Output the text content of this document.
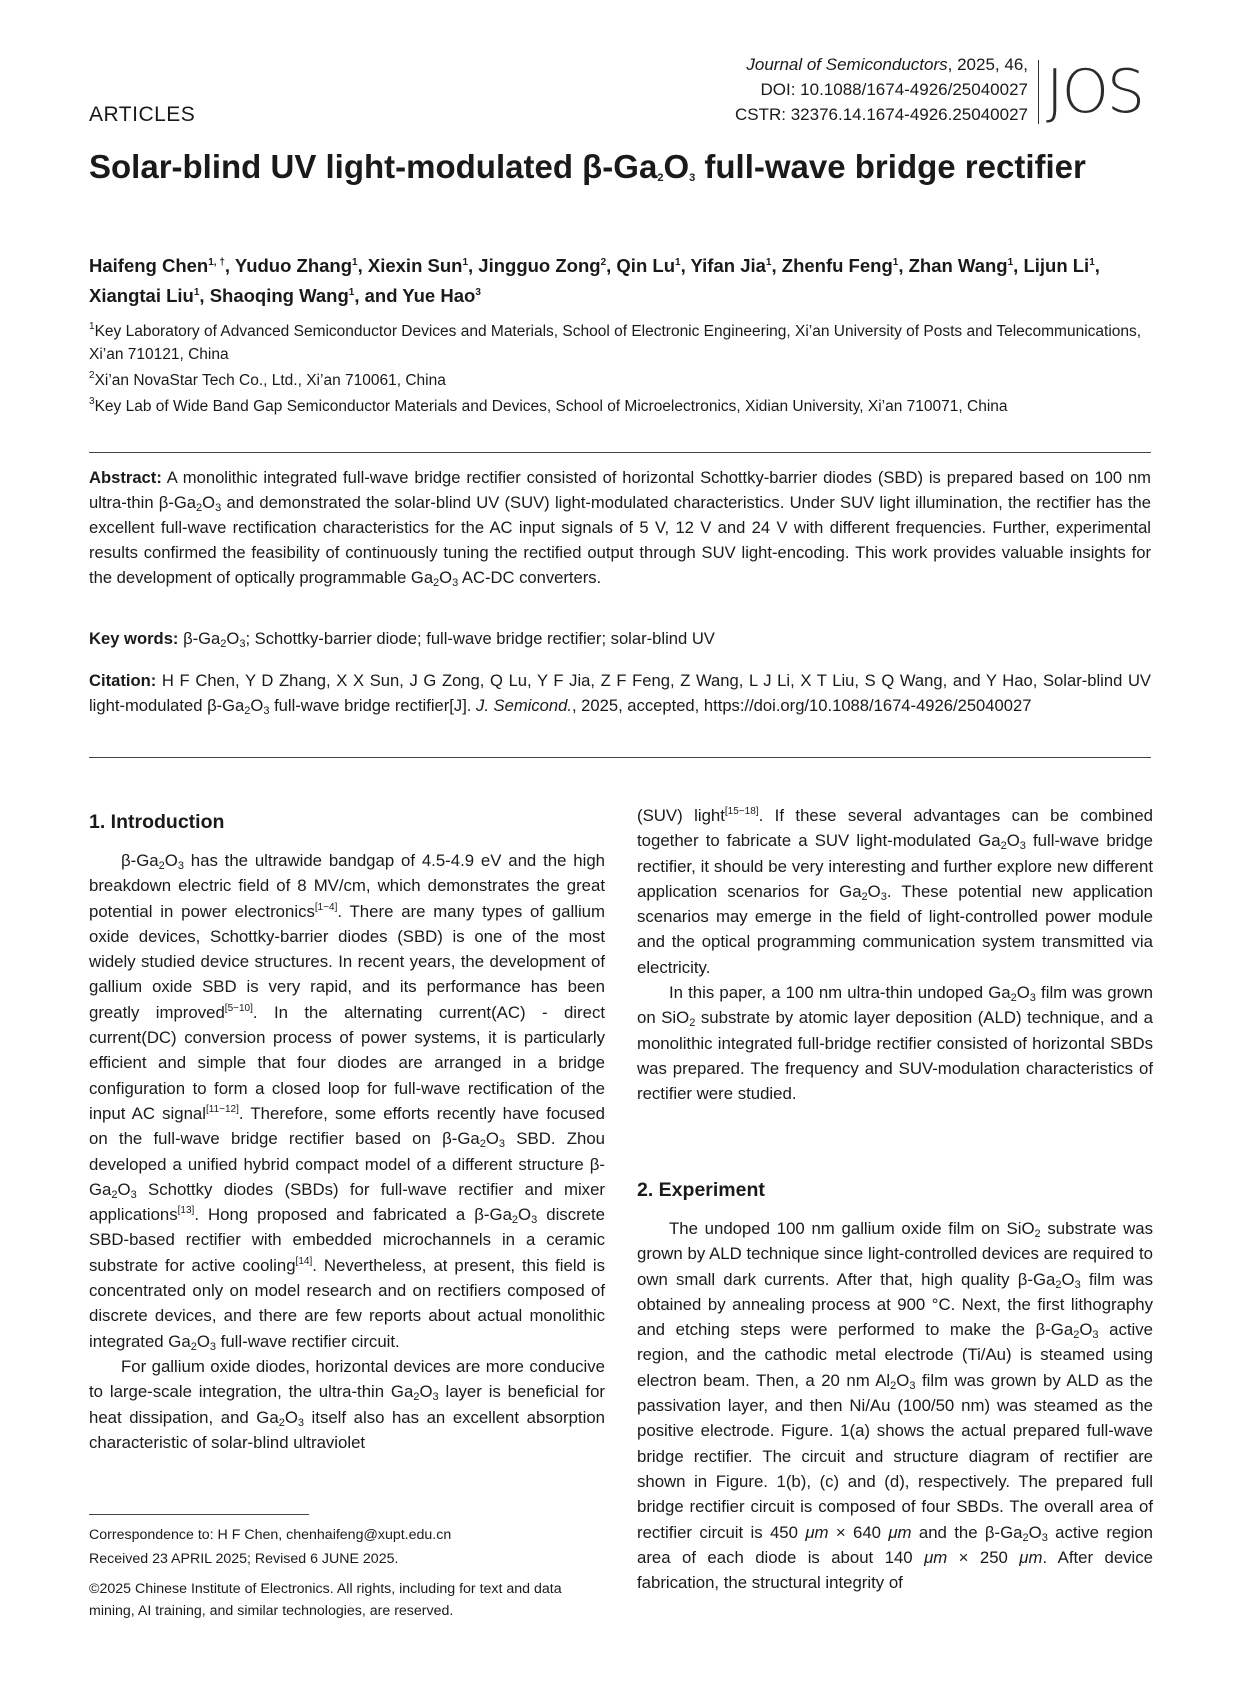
Journal of Semiconductors, 2025, 46,
DOI: 10.1088/1674-4926/25040027
CSTR: 32376.14.1674-4926.25040027 JOS
ARTICLES
Solar-blind UV light-modulated $\beta-Ga_2O_3$ full-wave bridge rectifier
Haifeng Chen$^{1, \dagger}$, Yuduo Zhang$^1$, Xiexin Sun$^1$, Jingguo Zong$^2$, Qin Lu$^1$, Yifan Jia$^1$, Zhenfu Feng$^1$, Zhan Wang$^1$, Lijun Li$^1$, Xiangtai Liu$^1$, Shaoqing Wang$^1$, and Yue Hao$^3$
$^1$Key Laboratory of Advanced Semiconductor Devices and Materials, School of Electronic Engineering, Xi’an University of Posts and Telecommunications, Xi’an 710121, China
$^2$Xi’an NovaStar Tech Co., Ltd., Xi’an 710061, China
$^3$Key Lab of Wide Band Gap Semiconductor Materials and Devices, School of Microelectronics, Xidian University, Xi’an 710071, China
Abstract: A monolithic integrated full-wave bridge rectifier consisted of horizontal Schottky-barrier diodes (SBD) is prepared based on 100 nm ultra-thin $\beta-Ga_2O_3$ and demonstrated the solar-blind UV (SUV) light-modulated characteristics. Under SUV light illumination, the rectifier has the excellent full-wave rectification characteristics for the AC input signals of 5 V, 12 V and 24 V with different frequencies. Further, experimental results confirmed the feasibility of continuously tuning the rectified output through SUV light-encoding. This work provides valuable insights for the development of optically programmable $Ga_2O_3$ AC-DC converters.
Key words: $\beta-Ga_2O_3$; Schottky-barrier diode; full-wave bridge rectifier; solar-blind UV
Citation: H F Chen, Y D Zhang, X X Sun, J G Zong, Q Lu, Y F Jia, Z F Feng, Z Wang, L J Li, X T Liu, S Q Wang, and Y Hao, Solar-blind UV light-modulated $\beta-Ga_2O_3$ full-wave bridge rectifier[J]. J. Semicond., 2025, accepted, https://doi.org/10.1088/1674-4926/25040027
1. Introduction

$\beta-Ga_2O_3$ has the ultrawide bandgap of 4.5-4.9 eV and the high breakdown electric field of 8 MV/cm, which demonstrates the great potential in power electronics[1−4]. There are many types of gallium oxide devices, Schottky-barrier diodes (SBD) is one of the most widely studied device structures. In recent years, the development of gallium oxide SBD is very rapid, and its performance has been greatly improved[5−10]. In the alternating current(AC) - direct current(DC) conversion process of power systems, it is particularly efficient and simple that four diodes are arranged in a bridge configuration to form a closed loop for full-wave rectification of the input AC signal[11−12]. Therefore, some efforts recently have focused on the full-wave bridge rectifier based on $\beta-Ga_2O_3$ SBD. Zhou developed a unified hybrid compact model of a different structure $\beta-Ga_2O_3$ Schottky diodes (SBDs) for full-wave rectifier and mixer applications[13]. Hong proposed and fabricated a $\beta-Ga_2O_3$ discrete SBD-based rectifier with embedded microchannels in a ceramic substrate for active cooling[14]. Nevertheless, at present, this field is concentrated only on model research and on rectifiers composed of discrete devices, and there are few reports about actual monolithic integrated $Ga_2O_3$ full-wave rectifier circuit.

For gallium oxide diodes, horizontal devices are more conducive to large-scale integration, the ultra-thin $Ga_2O_3$ layer is beneficial for heat dissipation, and $Ga_2O_3$ itself also has an excellent absorption characteristic of solar-blind ultraviolet

(SUV) light[15−18]. If these several advantages can be combined together to fabricate a SUV light-modulated $Ga_2O_3$ full-wave bridge rectifier, it should be very interesting and further explore new different application scenarios for $Ga_2O_3$. These potential new application scenarios may emerge in the field of light-controlled power module and the optical programming communication system transmitted via electricity.

In this paper, a 100 nm ultra-thin undoped $Ga_2O_3$ film was grown on SiO$_2$ substrate by atomic layer deposition (ALD) technique, and a monolithic integrated full-bridge rectifier consisted of horizontal SBDs was prepared. The frequency and SUV-modulation characteristics of rectifier were studied.

2. Experiment

The undoped 100 nm gallium oxide film on SiO$_2$ substrate was grown by ALD technique since light-controlled devices are required to own small dark currents. After that, high quality $\beta-Ga_2O_3$ film was obtained by annealing process at 900 °C. Next, the first lithography and etching steps were performed to make the $\beta-Ga_2O_3$ active region, and the cathodic metal electrode (Ti/Au) is steamed using electron beam. Then, a 20 nm $Al_2O_3$ film was grown by ALD as the passivation layer, and then Ni/Au (100/50 nm) was steamed as the positive electrode. Figure. 1(a) shows the actual prepared full-wave bridge rectifier. The circuit and structure diagram of rectifier are shown in Figure. 1(b), (c) and (d), respectively. The prepared full bridge rectifier circuit is composed of four SBDs. The overall area of rectifier circuit is 450 μm × 640 μm and the $\beta-Ga_2O_3$ active region area of each diode is about 140 μm × 250 μm. After device fabrication, the structural integrity of

Correspondence to: H F Chen, chenhaifeng@xupt.edu.cn
Received 23 APRIL 2025; Revised 6 JUNE 2025.
©2025 Chinese Institute of Electronics. All rights, including for text and data mining, AI training, and similar technologies, are reserved.
